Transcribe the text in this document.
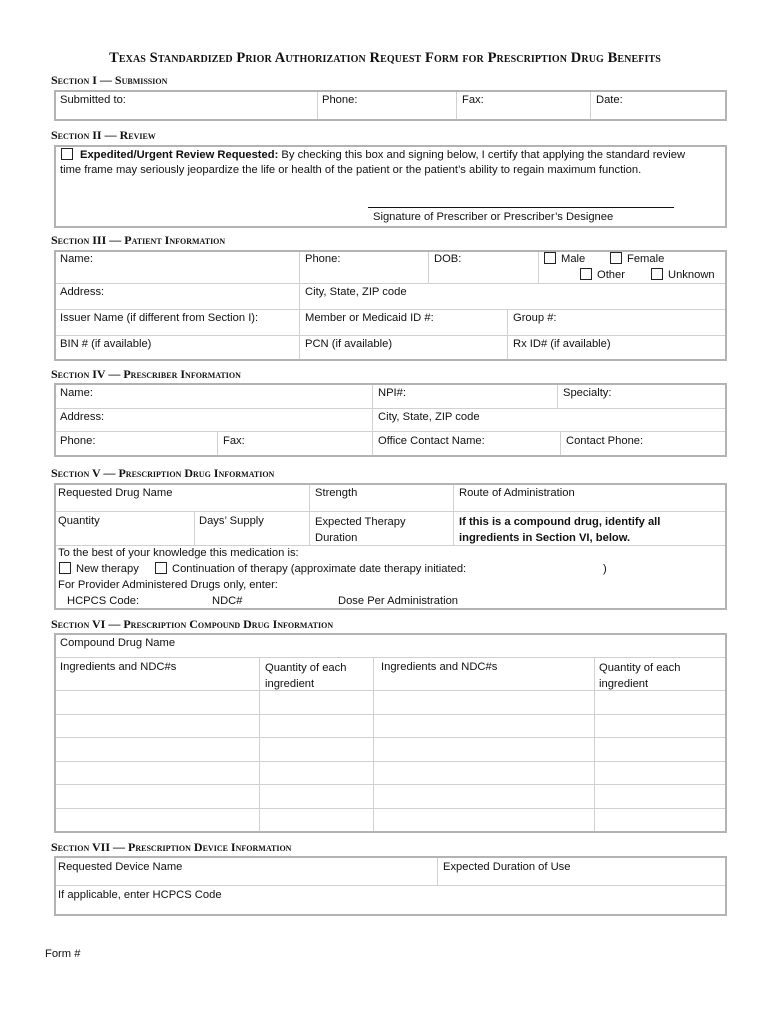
Texas Standardized Prior Authorization Request Form for Prescription Drug Benefits
Section I — Submission
Submitted to:	Phone:	Fax:	Date:
Section II — Review
Expedited/Urgent Review Requested: By checking this box and signing below, I certify that applying the standard review
time frame may seriously jeopardize the life or health of the patient or the patient’s ability to regain maximum function.
Signature of Prescriber or Prescriber’s Designee
Section III — Patient Information
Name:	Phone:	DOB:	Male	Female
Other	Unknown
Address:	City, State, ZIP code
Issuer Name (if different from Section I):	Member or Medicaid ID #:	Group #:
BIN # (if available)	PCN (if available)	Rx ID# (if available)
Section IV — Prescriber Information
Name:	NPI#:	Specialty:
Address:	City, State, ZIP code
Phone:	Fax:	Office Contact Name:	Contact Phone:
Section V — Prescription Drug Information
Requested Drug Name	Strength	Route of Administration
Quantity	Days’ Supply	Expected Therapy Duration
If this is a compound drug, identify all ingredients in Section VI, below.
To the best of your knowledge this medication is:
New therapy	Continuation of therapy (approximate date therapy initiated:	)
For Provider Administered Drugs only, enter:
HCPCS Code:	NDC#	Dose Per Administration
Section VI — Prescription Compound Drug Information
Compound Drug Name
Ingredients and NDC#s	Quantity of each ingredient
Ingredients and NDC#s	Quantity of each ingredient
Section VII — Prescription Device Information
Requested Device Name	Expected Duration of Use
If applicable, enter HCPCS Code
Form #
